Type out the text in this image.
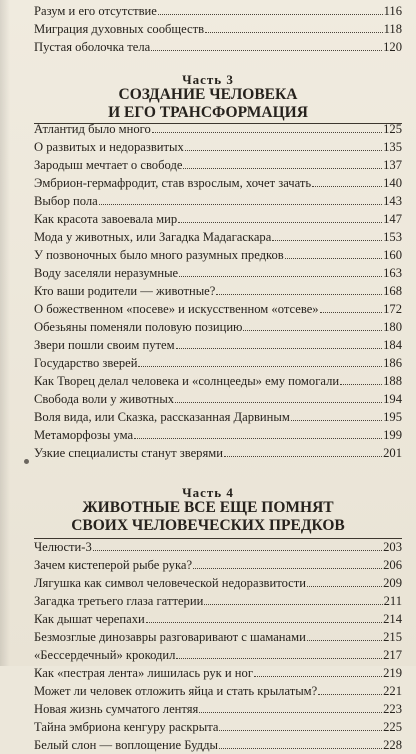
Разум и его отсутствие	116
Миграция духовных сообществ	118
Пустая оболочка тела	120
Часть 3
СОЗДАНИЕ ЧЕЛОВЕКА
И ЕГО ТРАНСФОРМАЦИЯ
Атлантид было много	125
О развитых и недоразвитых	135
Зародыш мечтает о свободе	137
Эмбрион-гермафродит, став взрослым, хочет зачать	140
Выбор пола	143
Как красота завоевала мир	147
Мода у животных, или Загадка Мадагаскара	153
У позвоночных было много разумных предков	160
Воду заселяли неразумные	163
Кто ваши родители — животные?	168
О божественном «посеве» и искусственном «отсеве»	172
Обезьяны поменяли половую позицию	180
Звери пошли своим путем	184
Государство зверей	186
Как Творец делал человека и «солнцееды» ему помогали	188
Свобода воли у животных	194
Воля вида, или Сказка, рассказанная Дарвиным	195
Метаморфозы ума	199
Узкие специалисты станут зверями	201
Часть 4
ЖИВОТНЫЕ ВСЕ ЕЩЕ ПОМНЯТ
СВОИХ ЧЕЛОВЕЧЕСКИХ ПРЕДКОВ
Челюсти-3	203
Зачем кистеперой рыбе рука?	206
Лягушка как символ человеческой недоразвитости	209
Загадка третьего глаза гаттерии	211
Как дышат черепахи	214
Безмозглые динозавры разговаривают с шаманами	215
«Бессердечный» крокодил	217
Как «пестрая лента» лишилась рук и ног	219
Может ли человек отложить яйца и стать крылатым?	221
Новая жизнь сумчатого лентяя	223
Тайна эмбриона кенгуру раскрыта	225
Белый слон — воплощение Будды	228
